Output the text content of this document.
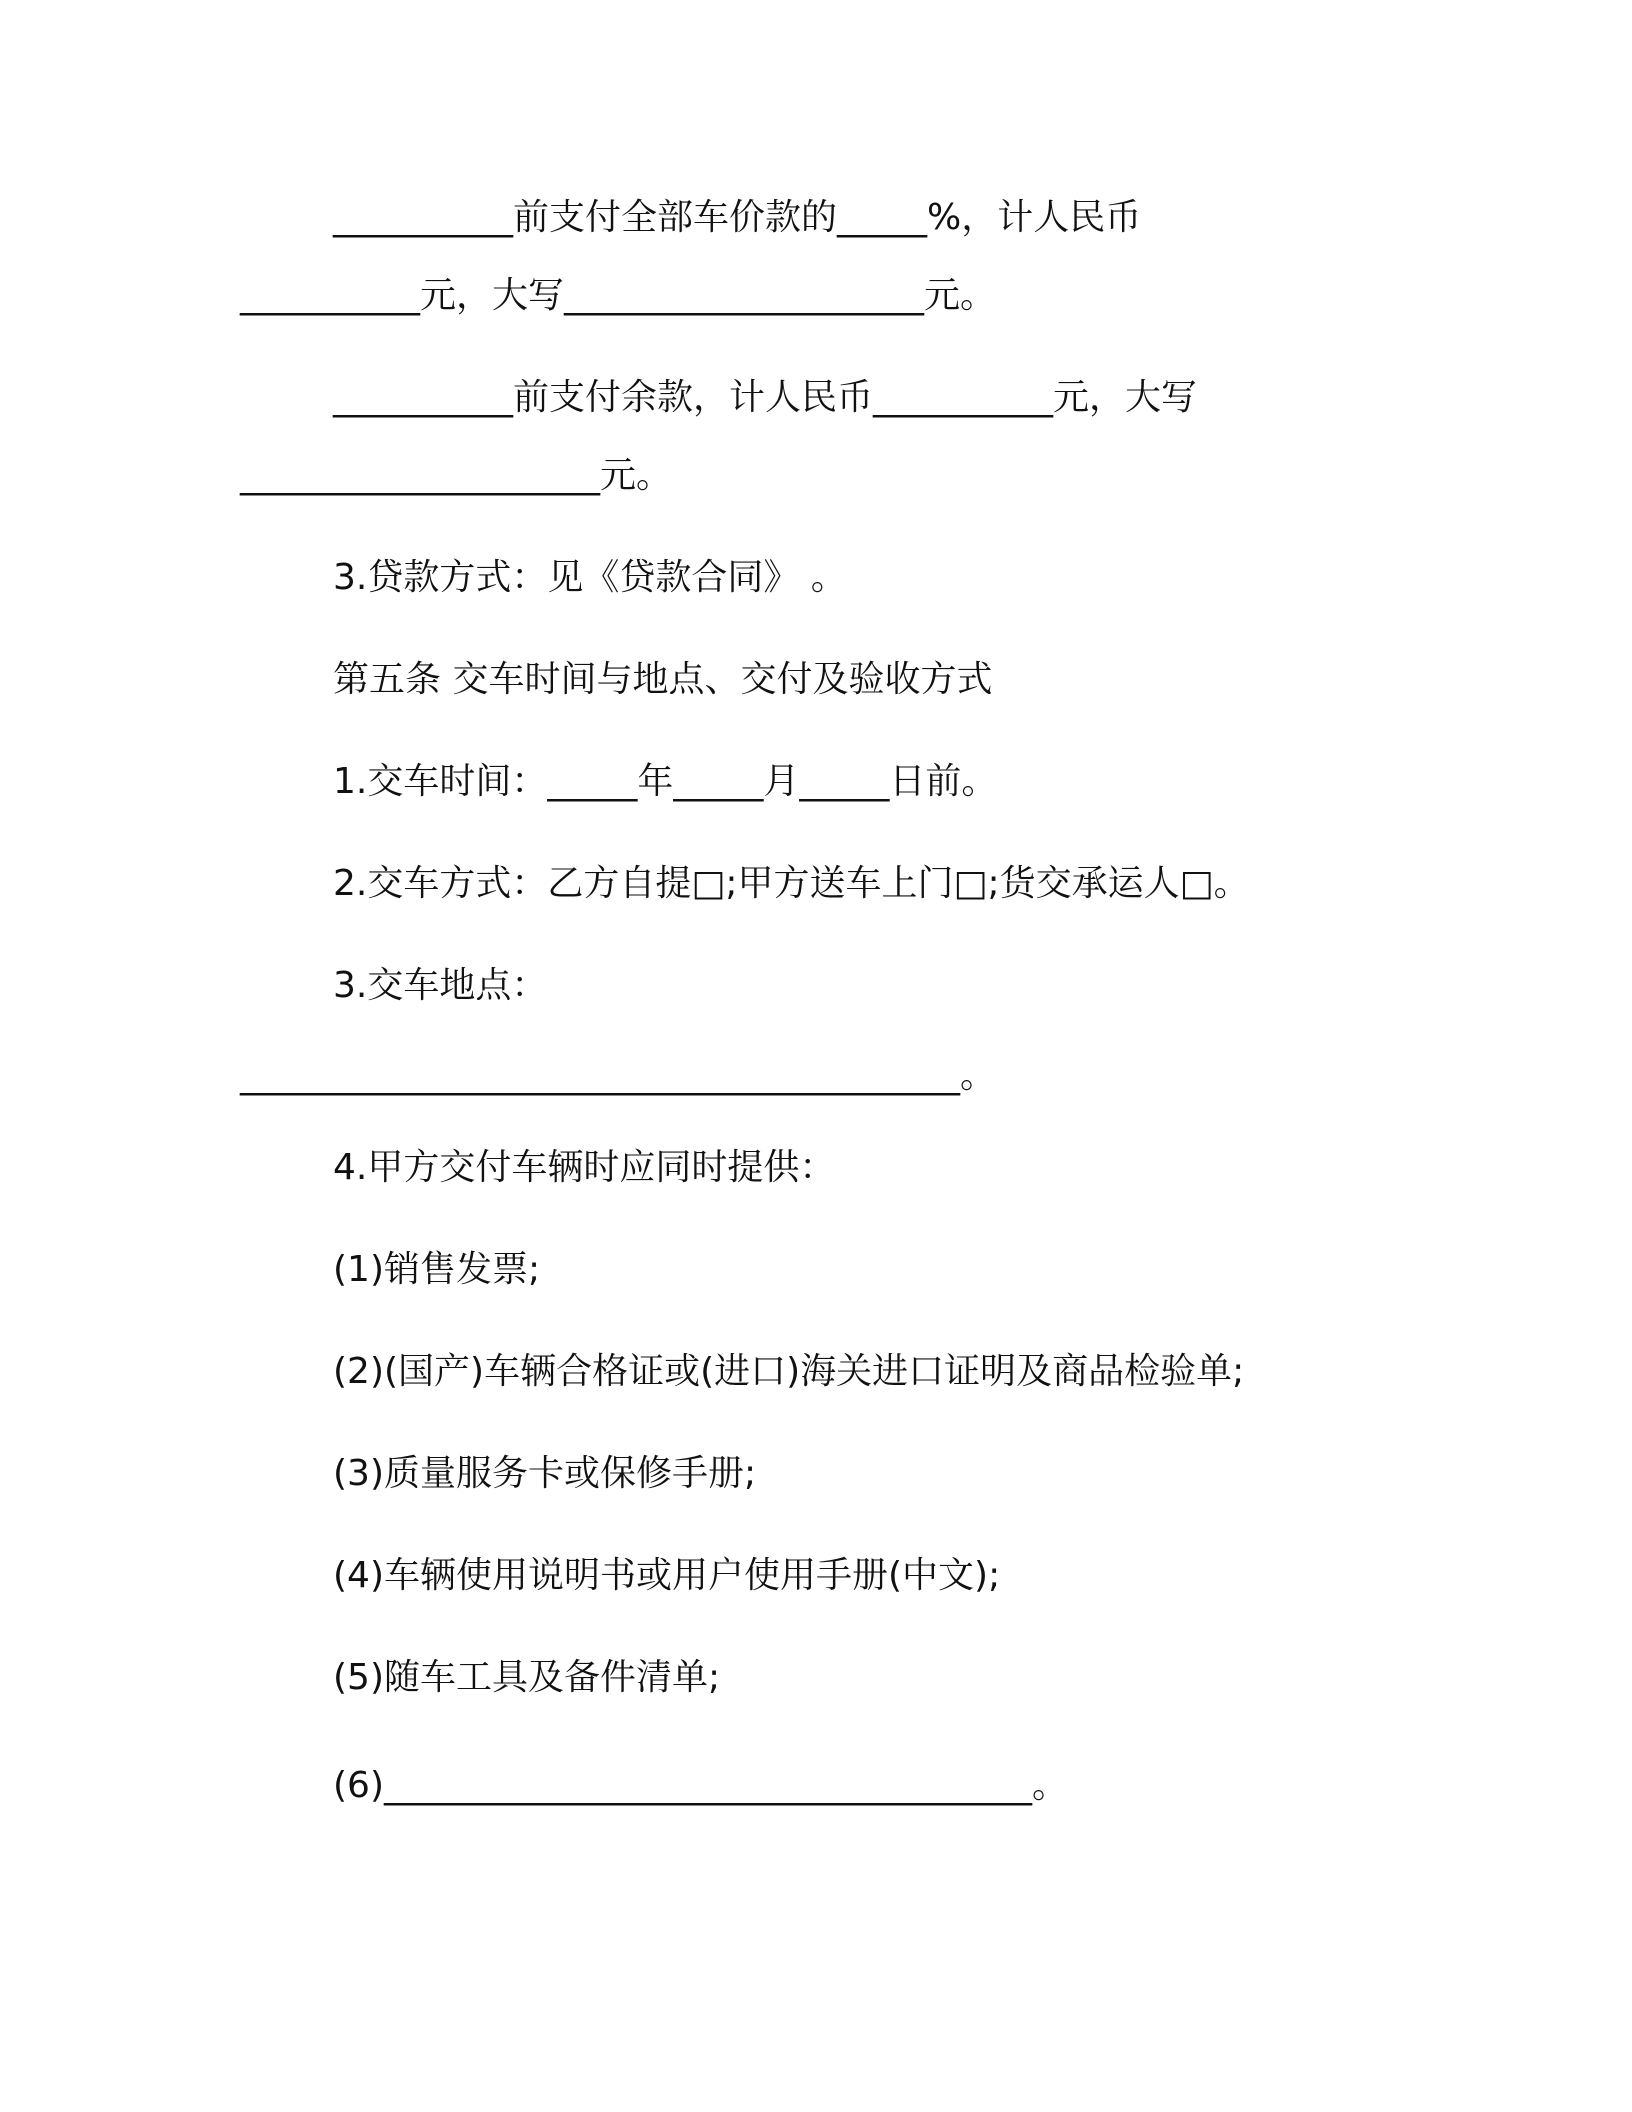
__________前支付全部车价款的_____%，计人民币
__________元，大写____________________元。
__________前支付余款，计人民币__________元，大写
____________________元。
3.贷款方式：见《贷款合同》 。
第五条 交车时间与地点、交付及验收方式
1.交车时间：_____年_____月_____日前。
2.交车方式：乙方自提□;甲方送车上门□;货交承运人□。
3.交车地点：
________________________________________。
4.甲方交付车辆时应同时提供：
(1)销售发票;
(2)(国产)车辆合格证或(进口)海关进口证明及商品检验单;
(3)质量服务卡或保修手册;
(4)车辆使用说明书或用户使用手册(中文);
(5)随车工具及备件清单;
(6)____________________________________。
